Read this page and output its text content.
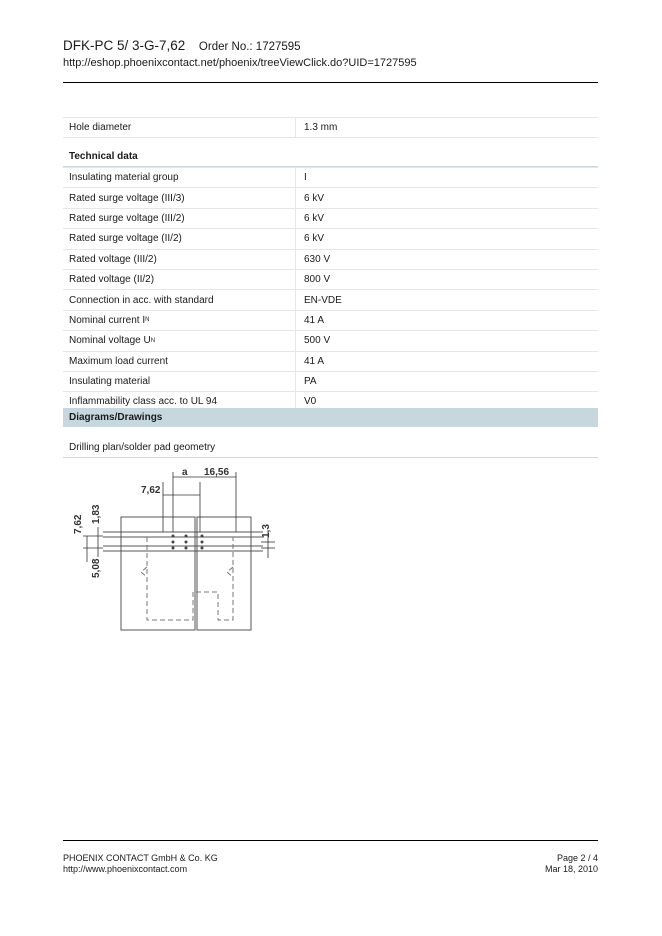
DFK-PC 5/ 3-G-7,62 Order No.: 1727595
http://eshop.phoenixcontact.net/phoenix/treeViewClick.do?UID=1727595
Hole diameter	1.3 mm
Technical data
Insulating material group	I
Rated surge voltage (III/3)	6 kV
Rated surge voltage (III/2)	6 kV
Rated surge voltage (II/2)	6 kV
Rated voltage (III/2)	630 V
Rated voltage (II/2)	800 V
Connection in acc. with standard	EN-VDE
Nominal current I N	41 A
Nominal voltage U N	500 V
Maximum load current	41 A
Insulating material	PA
Inflammability class acc. to UL 94	V0
Diagrams/Drawings
Drilling plan/solder pad geometry
7,62
a 16,56
7,62
1,83
5,08
1,3
PHOENIX CONTACT GmbH & Co. KG
http://www.phoenixcontact.com
Page 2 / 4
Mar 18, 2010
